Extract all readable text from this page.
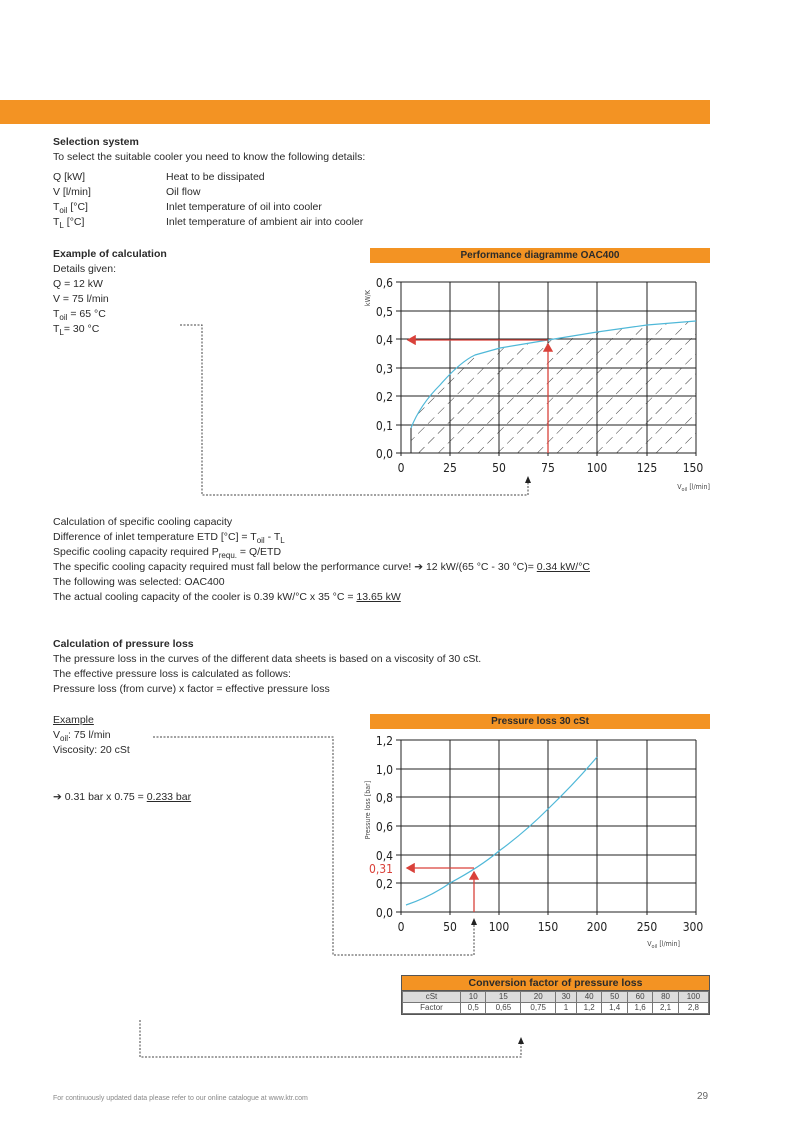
Selection system
To select the suitable cooler you need to know the following details:
Q [kW]	Heat to be dissipated
V [l/min]	Oil flow
$T_{oil}$ [°C]	Inlet temperature of oil into cooler
$T_L$ [°C]	Inlet temperature of ambient air into cooler
Example of calculation
Details given:
Q = 12 kW
V = 75 l/min
$T_{oil} = 65$ °C
$T_L= 30$ °C
Performance diagramme OAC400
0,6
0,5
0,4
0,3
0,2
0,1
0,0
0	25	50	75	100 125 150
kW/K
$V_{oil}$ [l/min]
1,2
1,0
0,8
0,6
0,4
0,2
0,0
0,31
0	50	100 150 200 250 300
Pressure loss [bar]
$V_{oil}$ [l/min]
Pressure loss 30 cSt
Calculation of specific cooling capacity
Difference of inlet temperature ETD $[^\circ C] = T_{oil} - T_L$
Specific cooling capacity required $P_{requ.} = Q/ETD$
The specific cooling capacity required must fall below the performance curve! ➔ 12 kW/(65 °C - 30 °C)= 0.34 kW/°C
The following was selected: OAC400
The actual cooling capacity of the cooler is 0.39 kW/°C x 35 °C = 13.65 kW
Calculation of pressure loss
The pressure loss in the curves of the different data sheets is based on a viscosity of 30 cSt.
The effective pressure loss is calculated as follows:
Pressure loss (from curve) x factor = effective pressure loss
Example
$V_{oil}$: 75 l/min
Viscosity: 20 cSt
➔ 0.31 bar x 0.75 = 0.233 bar
Conversion factor of pressure loss
cSt	10	15	20	30	40	50	60	80	100
Factor	0,5	0,65	0,75	1	1,2	1,4	1,6	2,1	2,8
For continuously updated data please refer to our online catalogue at www.ktr.com	29
